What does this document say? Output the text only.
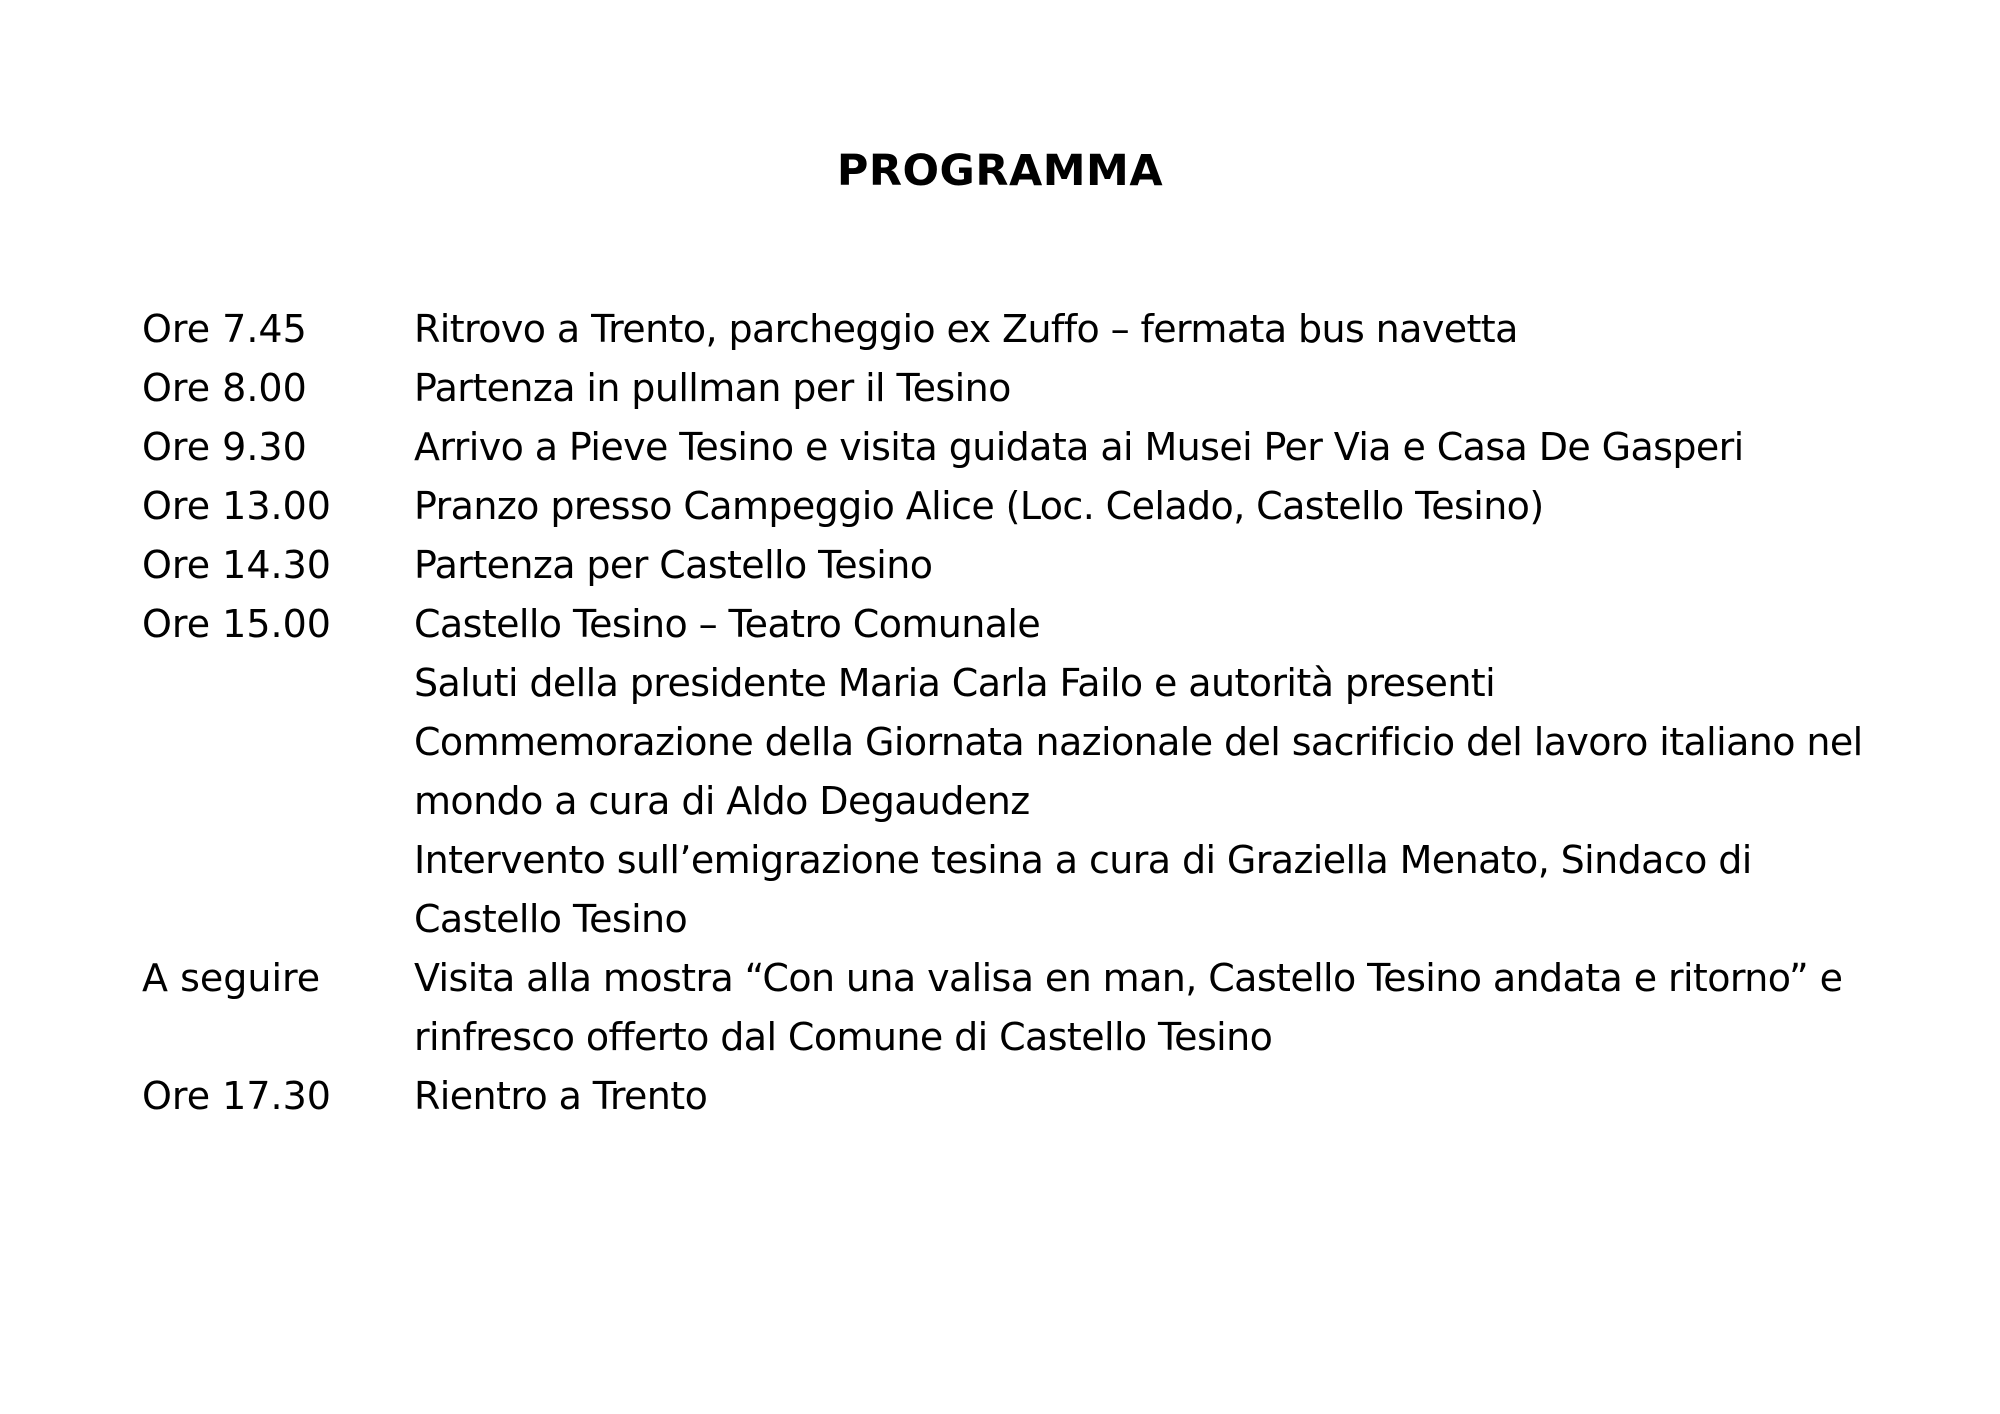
PROGRAMMA
Ore 7.45	Ritrovo a Trento, parcheggio ex Zuffo – fermata bus navetta
Ore 8.00	Partenza in pullman per il Tesino
Ore 9.30	Arrivo a Pieve Tesino e visita guidata ai Musei Per Via e Casa De Gasperi
Ore 13.00	Pranzo presso Campeggio Alice (Loc. Celado, Castello Tesino)
Ore 14.30	Partenza per Castello Tesino
Ore 15.00	Castello Tesino – Teatro Comunale
Saluti della presidente Maria Carla Failo e autorità presenti
Commemorazione della Giornata nazionale del sacrificio del lavoro italiano nel
mondo a cura di Aldo Degaudenz
Intervento sull’emigrazione tesina a cura di Graziella Menato, Sindaco di
Castello Tesino
A seguire	Visita alla mostra “Con una valisa en man, Castello Tesino andata e ritorno” e
rinfresco offerto dal Comune di Castello Tesino
Ore 17.30	Rientro a Trento
